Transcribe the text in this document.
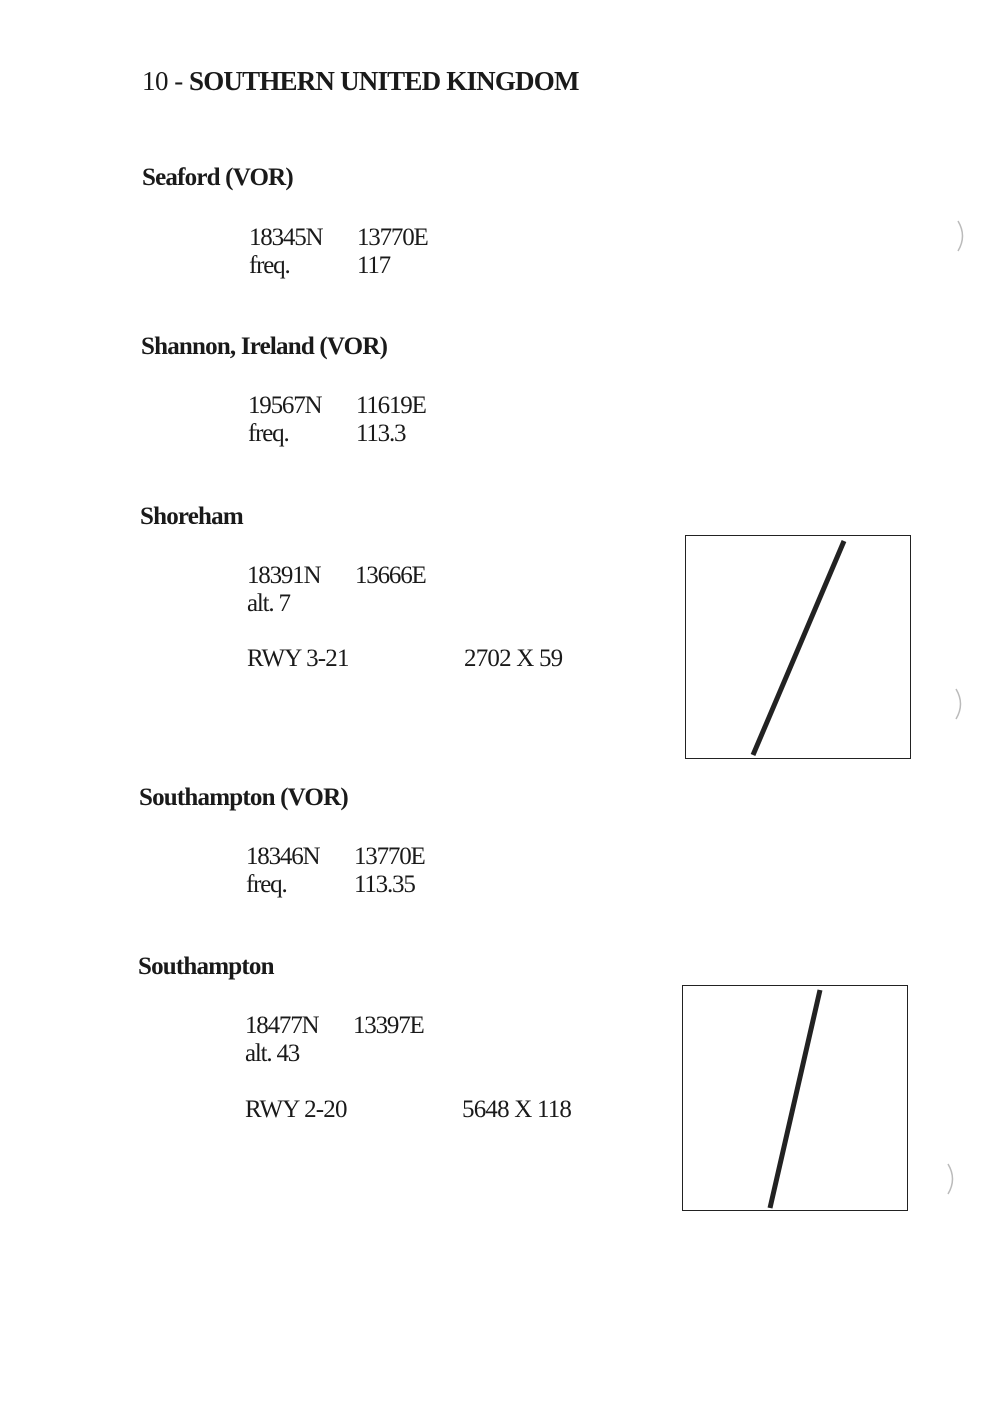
10 - SOUTHERN UNITED KINGDOM
Seaford (VOR)
18345N 13770E
freq.	117
Shannon, Ireland (VOR)
19567N 11619E
freq.	113.3
Shoreham
18391N 13666E
alt. 7
RWY 3-21	2702 X 59
Southampton (VOR)
18346N 13770E
freq.	113.35
Southampton
18477N 13397E
alt. 43
RWY 2-20	5648 X 118
